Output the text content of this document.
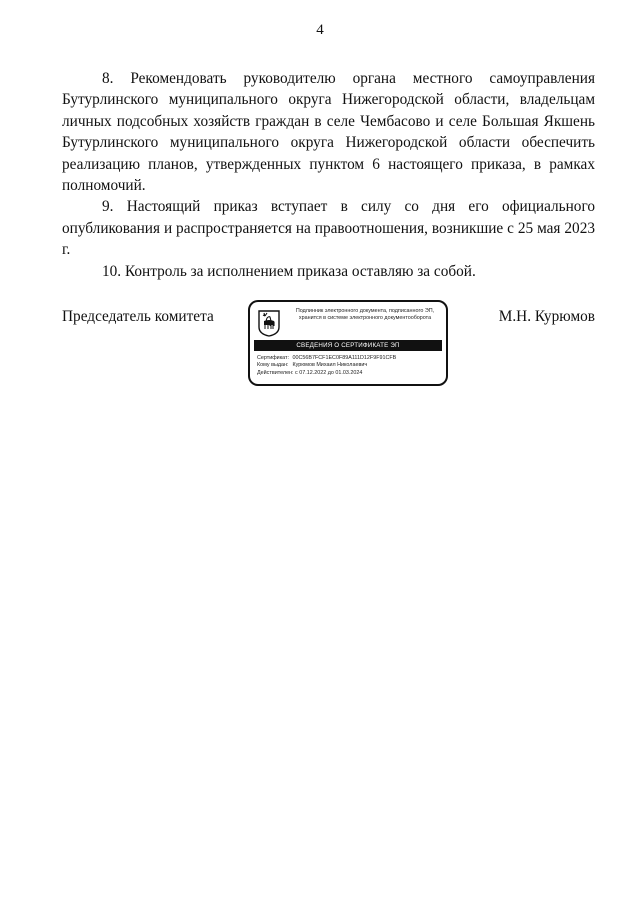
4

8. Рекомендовать руководителю органа местного самоуправления Бутурлинского муниципального округа Нижегородской области, владельцам личных подсобных хозяйств граждан в селе Чембасово и селе Большая Якшень Бутурлинского муниципального округа Нижегородской области обеспечить реализацию планов, утвержденных пунктом 6 настоящего приказа, в рамках полномочий.

9. Настоящий приказ вступает в силу со дня его официального опубликования и распространяется на правоотношения, возникшие с 25 мая 2023 г.

10. Контроль за исполнением приказа оставляю за собой.

Председатель комитета	Подлинник электронного документа, подписанного ЭП, хранится в системе электронного документооборота
СВЕДЕНИЯ О СЕРТИФИКАТЕ ЭП
Сертификат: 00C56B7FCF1EC0F89A111D12F9F91CFB
Кому выдан: Курюмов Михаил Николаевич
Действителен: с 07.12.2022 до 01.03.2024
М.Н. Курюмов
